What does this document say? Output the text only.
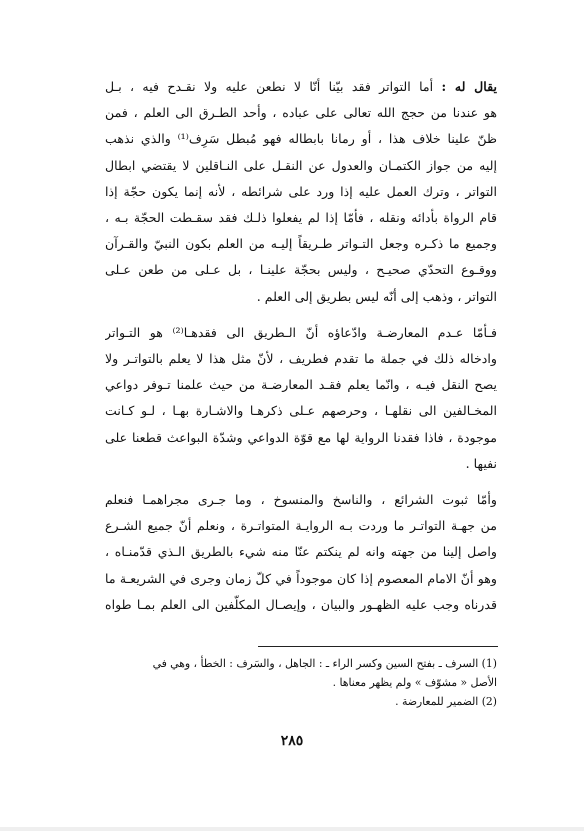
يقال له : أما التواتر فقد بيّنا أنّا لا نطعن عليه ولا نقـدح فيه ، بـل
هو عندنا من حجج الله تعالى على عباده ، وأحد الطـرق الى العلم ، فمن
ظنّ علينا خلاف هذا ، أو رمانا بابطاله فهو مُبطل سَرِف⁽¹⁾ والذي نذهب
إليه من جواز الكتمـان والعدول عن النقـل على النـاقلين لا يقتضي ابطال
التواتر ، وترك العمل عليه إذا ورد على شرائطه ، لأنه إنما يكون حجّة إذا
قام الرواة بأدائه ونقله ، فأمّا إذا لم يفعلوا ذلـك فقد سقـطت الحجّة بـه ،
وجميع ما ذكـره وجعل التـواتر طـريقاً إليـه من العلم بكون النبيّ والقـرآن
ووقـوع التحدّي صحيـح ، وليس بحجّة علينـا ، بل عـلى من طعن عـلى
التواتر ، وذهب إلى أنّه ليس بطريق إلى العلم .
فـأمّا عـدم المعارضـة وادّعاؤه أنّ الـطريق الى فقدهـا⁽²⁾ هو التـواتر
وادخاله ذلك في جملة ما تقدم فطريف ، لأنّ مثل هذا لا يعلم بالتواتـر ولا
يصح النقل فيـه ، وانّما يعلم فقـد المعارضـة من حيث علمنا تـوفر دواعي
المخـالفين الى نقلهـا ، وحرصهم عـلى ذكرهـا والاشـارة بهـا ، لـو كـانت
موجودة ، فاذا فقدنا الرواية لها مع قوّة الدواعي وشدّة البواعث قطعنا على
نفيها .
وأمّا ثبوت الشرائع ، والناسخ والمنسوخ ، وما جـرى مجراهمـا فنعلم
من جهـة التواتـر ما وردت بـه الروايـة المتواتـرة ، ونعلم أنّ جميع الشـرع
واصل إلينا من جهته وانه لم ينكتم عنّا منه شيء بالطريق الـذي قدّمنـاه ،
وهو أنّ الامام المعصوم إذا كان موجوداً في كلّ زمان وجرى في الشريعـة ما
قدرناه وجب عليه الظهـور والبيان ، وإيصـال المكلّفين الى العلم بمـا طواه
(1) السرف ـ بفتح السين وكسر الراء ـ : الجاهل ، والسَرف : الخطأ ، وهي في
الأصل « مشوّف » ولم يظهر معناها .
(2) الضمير للمعارضة .
٢٨٥
